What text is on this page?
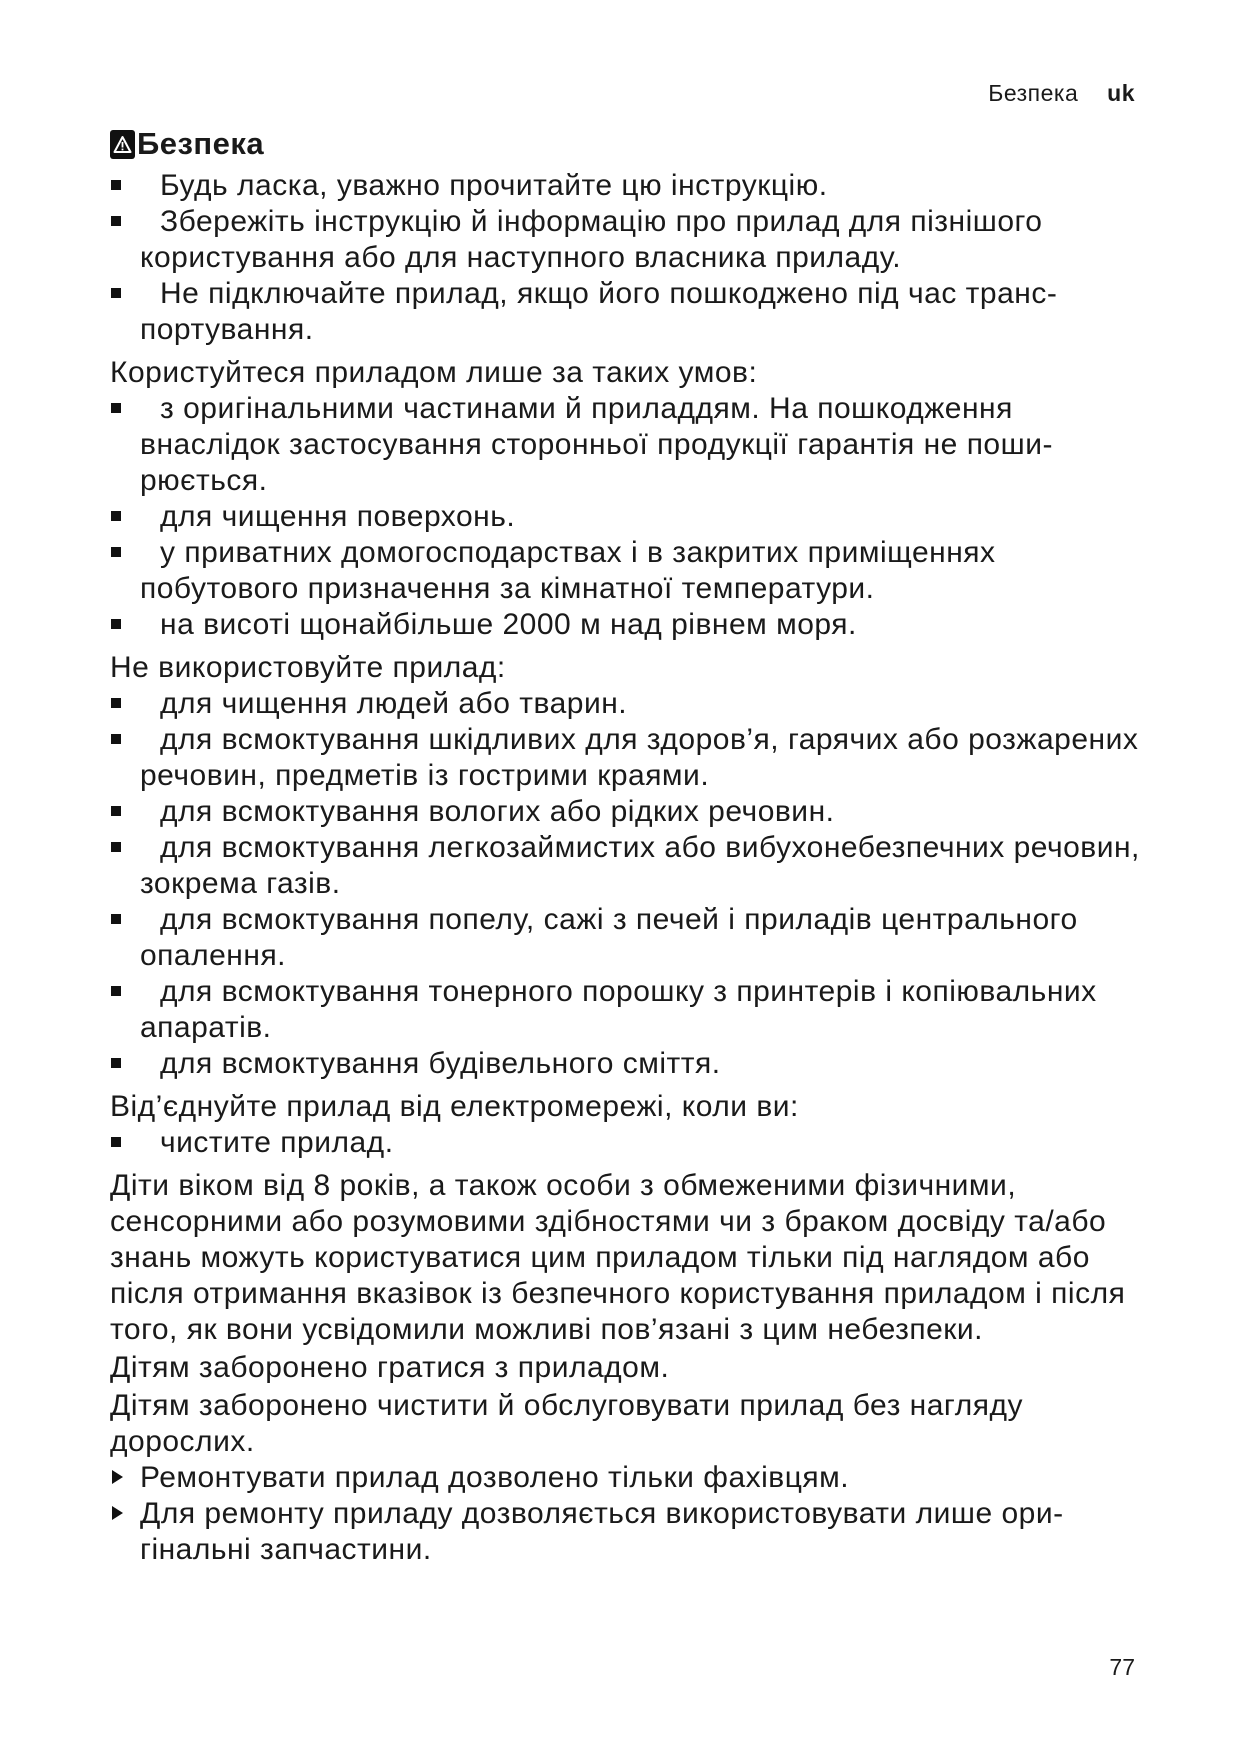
Безпека uk
Безпека
Будь ласка, уважно прочитайте цю інструкцію.
Збережіть інструкцію й інформацію про прилад для пізнішого користування або для наступного власника приладу.
Не підключайте прилад, якщо його пошкоджено під час транспортування.

Користуйтеся приладом лише за таких умов:

з оригінальними частинами й приладдям. На пошкодження внаслідок застосування сторонньої продукції гарантія не поширюється.
для чищення поверхонь.
у приватних домогосподарствах і в закритих приміщеннях побутового призначення за кімнатної температури.
на висоті щонайбільше 2000 м над рівнем моря.

Не використовуйте прилад:

для чищення людей або тварин.
для всмоктування шкідливих для здоров’я, гарячих або розжарених речовин, предметів із гострими краями.
для всмоктування вологих або рідких речовин.
для всмоктування легкозаймистих або вибухонебезпечних речовин, зокрема газів.
для всмоктування попелу, сажі з печей і приладів центрального опалення.
для всмоктування тонерного порошку з принтерів і копіювальних апаратів.
для всмоктування будівельного сміття.

Від’єднуйте прилад від електромережі, коли ви:

чистите прилад.

Діти віком від 8 років, а також особи з обмеженими фізичними, сенсорними або розумовими здібностями чи з браком досвіду та/або знань можуть користуватися цим приладом тільки під наглядом або після отримання вказівок із безпечного користування приладом і після того, як вони усвідомили можливі пов’язані з цим небезпеки.

Дітям заборонено гратися з приладом.

Дітям заборонено чистити й обслуговувати прилад без нагляду дорослих.

Ремонтувати прилад дозволено тільки фахівцям.
Для ремонту приладу дозволяється використовувати лише оригінальні запчастини.
77
